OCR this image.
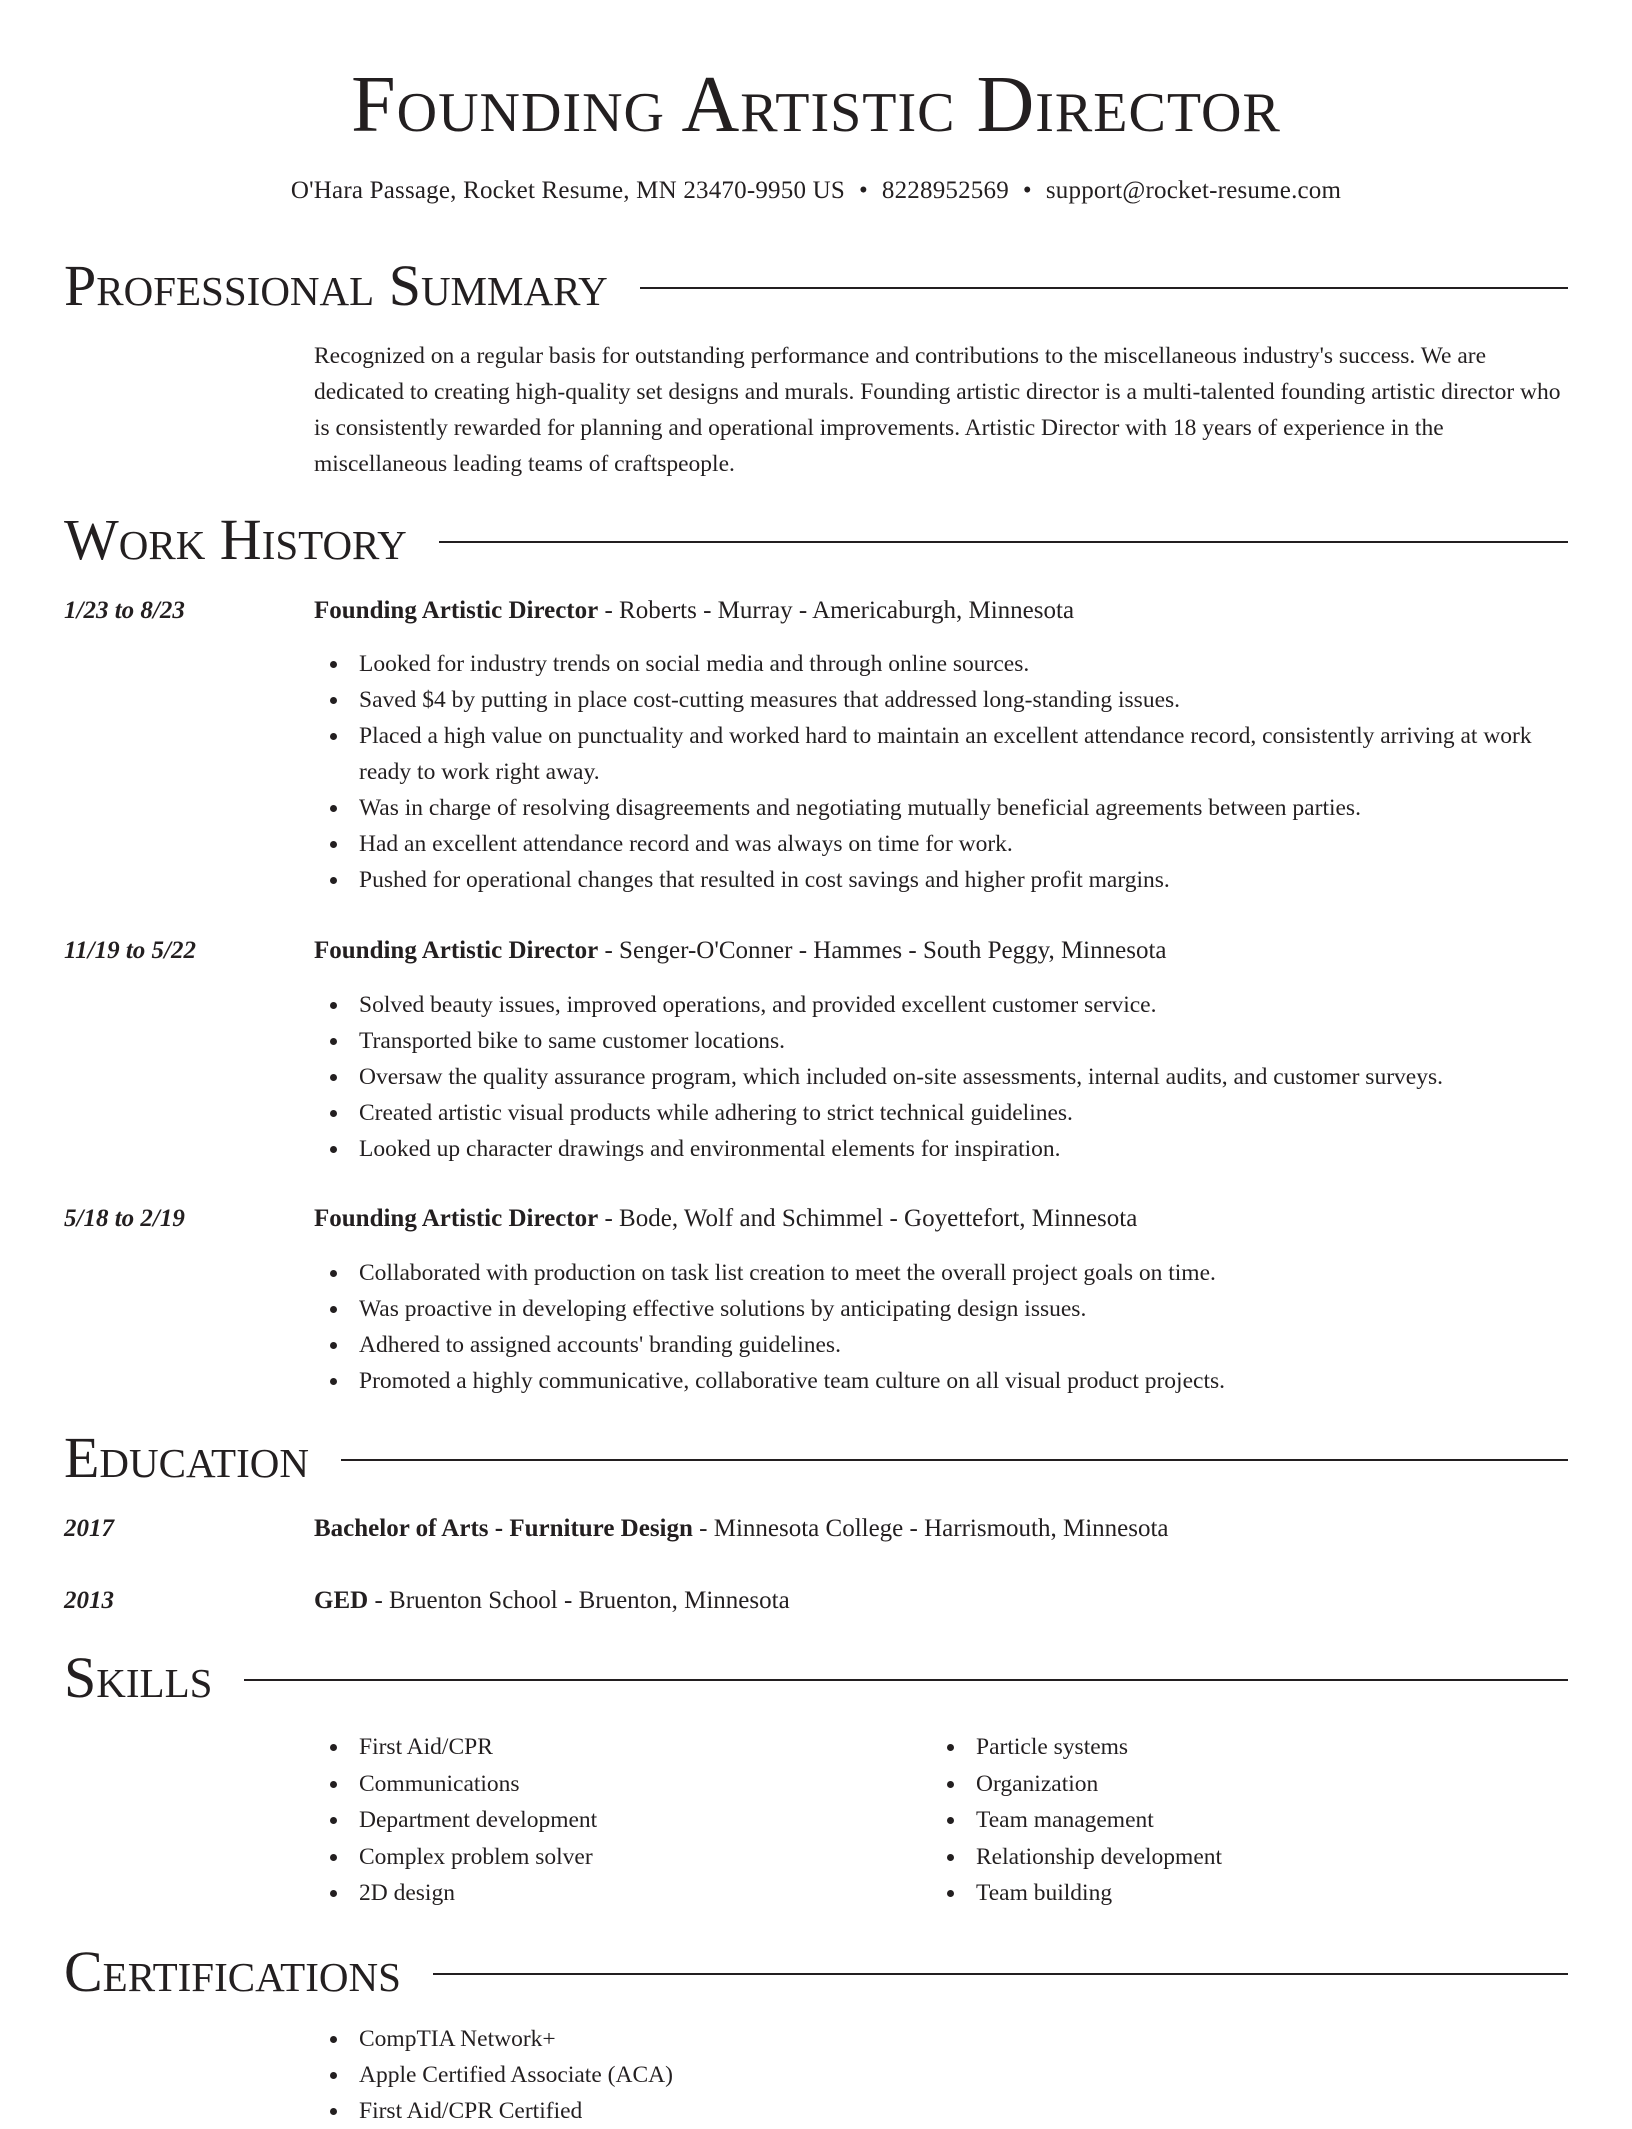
Founding Artistic Director
O'Hara Passage, Rocket Resume, MN 23470-9950 US • 8228952569 • support@rocket-resume.com
Professional Summary
Recognized on a regular basis for outstanding performance and contributions to the miscellaneous industry's success. We are dedicated to creating high-quality set designs and murals. Founding artistic director is a multi-talented founding artistic director who is consistently rewarded for planning and operational improvements. Artistic Director with 18 years of experience in the miscellaneous leading teams of craftspeople.
Work History
1/23 to 8/23	Founding Artistic Director - Roberts - Murray - Americaburgh, Minnesota
Looked for industry trends on social media and through online sources.
Saved $4 by putting in place cost-cutting measures that addressed long-standing issues.
Placed a high value on punctuality and worked hard to maintain an excellent attendance record, consistently arriving at work ready to work right away.
Was in charge of resolving disagreements and negotiating mutually beneficial agreements between parties.
Had an excellent attendance record and was always on time for work.
Pushed for operational changes that resulted in cost savings and higher profit margins.
11/19 to 5/22	Founding Artistic Director - Senger-O'Conner - Hammes - South Peggy, Minnesota
Solved beauty issues, improved operations, and provided excellent customer service.
Transported bike to same customer locations.
Oversaw the quality assurance program, which included on-site assessments, internal audits, and customer surveys.
Created artistic visual products while adhering to strict technical guidelines.
Looked up character drawings and environmental elements for inspiration.
5/18 to 2/19	Founding Artistic Director - Bode, Wolf and Schimmel - Goyettefort, Minnesota
Collaborated with production on task list creation to meet the overall project goals on time.
Was proactive in developing effective solutions by anticipating design issues.
Adhered to assigned accounts' branding guidelines.
Promoted a highly communicative, collaborative team culture on all visual product projects.
Education
2017	Bachelor of Arts - Furniture Design - Minnesota College - Harrismouth, Minnesota
2013	GED - Bruenton School - Bruenton, Minnesota
Skills
First Aid/CPR
Communications
Department development
Complex problem solver
2D design
Particle systems
Organization
Team management
Relationship development
Team building
Certifications
CompTIA Network+
Apple Certified Associate (ACA)
First Aid/CPR Certified
